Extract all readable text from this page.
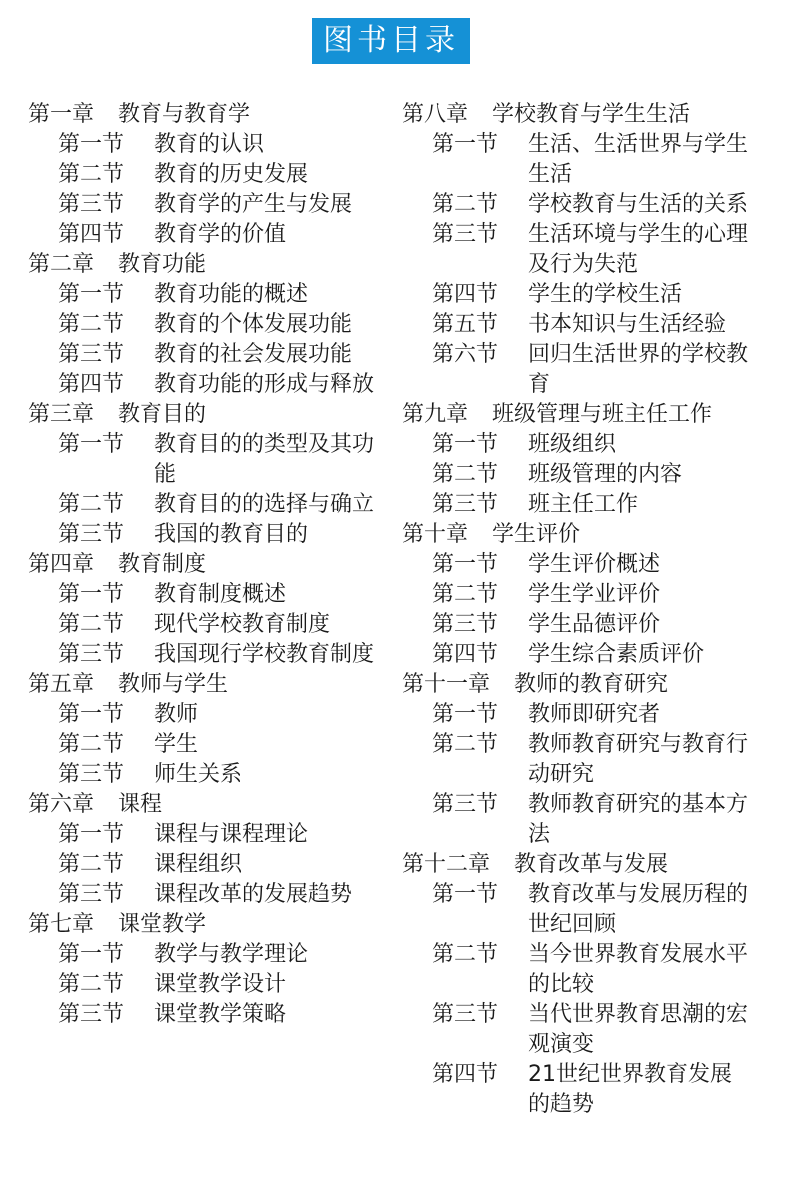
图书目录
第一章 教育与教育学
第一节	教育的认识
第二节	教育的历史发展
第三节	教育学的产生与发展
第四节	教育学的价值
第二章 教育功能
第一节	教育功能的概述
第二节	教育的个体发展功能
第三节	教育的社会发展功能
第四节	教育功能的形成与释放
第三章 教育目的
第一节	教育目的的类型及其功能
第二节	教育目的的选择与确立
第三节	我国的教育目的
第四章 教育制度
第一节	教育制度概述
第二节	现代学校教育制度
第三节	我国现行学校教育制度
第五章 教师与学生
第一节	教师
第二节	学生
第三节	师生关系
第六章 课程
第一节	课程与课程理论
第二节	课程组织
第三节	课程改革的发展趋势
第七章 课堂教学
第一节	教学与教学理论
第二节	课堂教学设计
第三节	课堂教学策略
第八章 学校教育与学生生活
第一节	生活、生活世界与学生生活
第二节	学校教育与生活的关系
第三节	生活环境与学生的心理及行为失范
第四节	学生的学校生活
第五节	书本知识与生活经验
第六节	回归生活世界的学校教育
第九章 班级管理与班主任工作
第一节	班级组织
第二节	班级管理的内容
第三节	班主任工作
第十章 学生评价
第一节	学生评价概述
第二节	学生学业评价
第三节	学生品德评价
第四节	学生综合素质评价
第十一章 教师的教育研究
第一节	教师即研究者
第二节	教师教育研究与教育行动研究
第三节	教师教育研究的基本方法
第十二章 教育改革与发展
第一节	教育改革与发展历程的世纪回顾
第二节	当今世界教育发展水平的比较
第三节	当代世界教育思潮的宏观演变
第四节	21世纪世界教育发展的趋势
